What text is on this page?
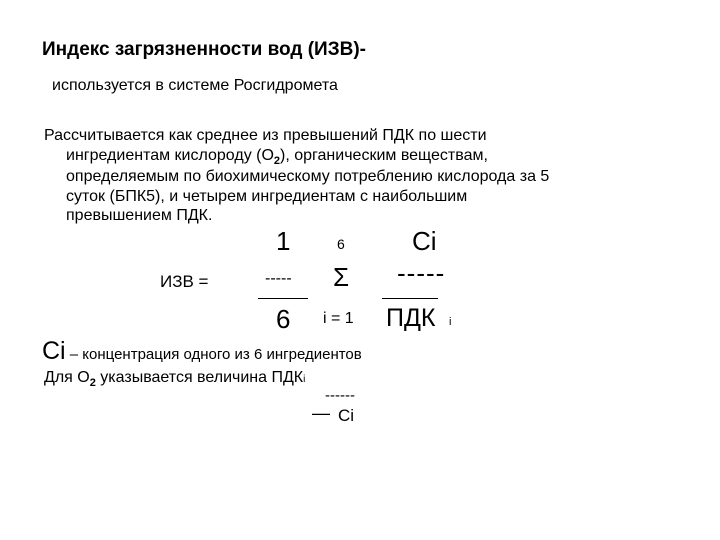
Индекс загрязненности вод (ИЗВ)-
используется в системе Росгидромета
Рассчитывается как среднее из превышений ПДК по шести
ингредиентам кислороду $(О_2)$, органическим веществам,
определяемым по биохимическому потреблению кислорода за 5
суток (БПК5), и четырем ингредиентам с наибольшим
превышением ПДК.
ИЗВ =
1
-----
6
6
Σ
i = 1
Ci
-----
ПДК i
Ci – концентрация одного из 6 ингредиентов
Для $О_2$ указывается величина ПДКi
------
— Сi
